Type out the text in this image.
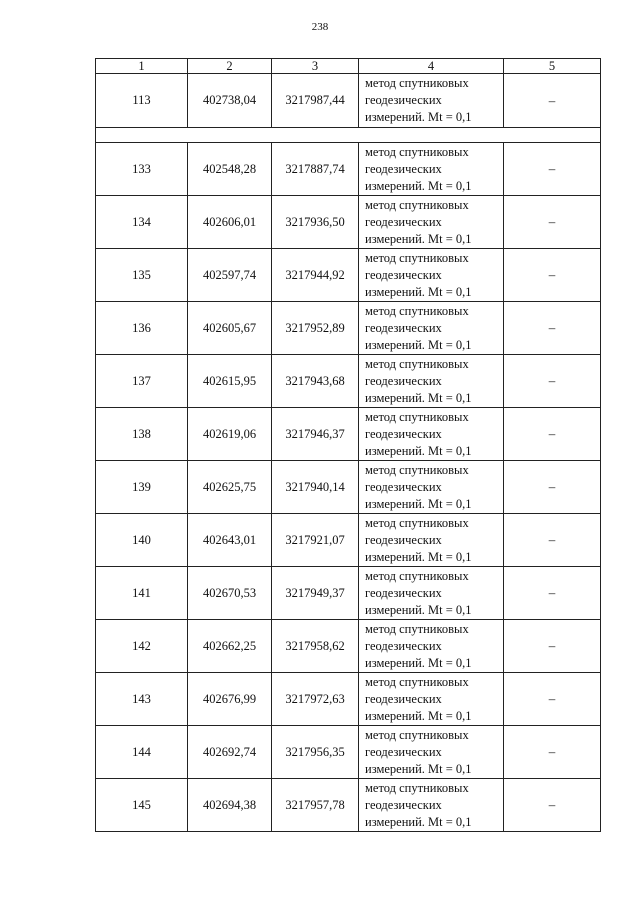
238
1	2	3	4	5
113	402738,04	3217987,44	метод спутниковых
геодезических
измерений. Mt = 0,1	–

133	402548,28	3217887,74	метод спутниковых
геодезических
измерений. Mt = 0,1	–
134	402606,01	3217936,50	метод спутниковых
геодезических
измерений. Mt = 0,1	–
135	402597,74	3217944,92	метод спутниковых
геодезических
измерений. Mt = 0,1	–
136	402605,67	3217952,89	метод спутниковых
геодезических
измерений. Mt = 0,1	–
137	402615,95	3217943,68	метод спутниковых
геодезических
измерений. Mt = 0,1	–
138	402619,06	3217946,37	метод спутниковых
геодезических
измерений. Mt = 0,1	–
139	402625,75	3217940,14	метод спутниковых
геодезических
измерений. Mt = 0,1	–
140	402643,01	3217921,07	метод спутниковых
геодезических
измерений. Mt = 0,1	–
141	402670,53	3217949,37	метод спутниковых
геодезических
измерений. Mt = 0,1	–
142	402662,25	3217958,62	метод спутниковых
геодезических
измерений. Mt = 0,1	–
143	402676,99	3217972,63	метод спутниковых
геодезических
измерений. Mt = 0,1	–
144	402692,74	3217956,35	метод спутниковых
геодезических
измерений. Mt = 0,1	–
145	402694,38	3217957,78	метод спутниковых
геодезических
измерений. Mt = 0,1	–
